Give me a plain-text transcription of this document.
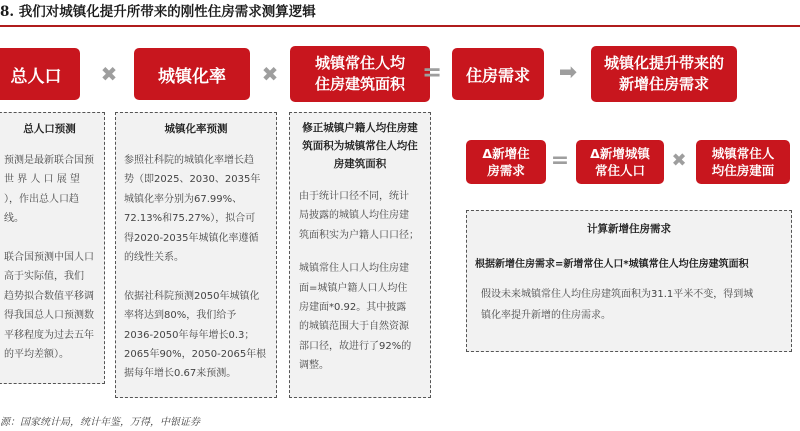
8. 我们对城镇化提升所带来的刚性住房需求测算逻辑
总人口	✖	城镇化率	✖	城镇常住人均
住房建筑面积 =	住房需求 ➡	城镇化提升带来的
新增住房需求
总人口预测
预测是最新联合国预
世 界 人 口 展 望
），作出总人口趋
线。
联合国预测中国人口
高于实际值，我们
趋势拟合数值平移调
得我国总人口预测数
平移程度为过去五年
的平均差额）。
城镇化率预测
参照社科院的城镇化率增长趋
势（即2025、2030、2035年
城镇化率分别为67.99%、
72.13%和75.27%），拟合可
得2020-2035年城镇化率遵循
的线性关系。
依据社科院预测2050年城镇化
率将达到80%，我们给予
2036-2050年每年增长0.3；
2065年90%，2050-2065年根
据每年增长0.67来预测。
修正城镇户籍人均住房建
筑面积为城镇常住人均住
房建筑面积
由于统计口径不同，统计
局披露的城镇人均住房建
筑面积实为户籍人口口径；
城镇常住人口人均住房建
面=城镇户籍人口人均住
房建面*0.92。其中披露
的城镇范围大于自然资源
部口径，故进行了92%的
调整。
Δ新增住
房需求 =	Δ新增城镇
常住人口	✖	城镇常住人
均住房建面
计算新增住房需求
根据新增住房需求=新增常住人口*城镇常住人均住房建筑面积
假设未来城镇常住人均住房建筑面积为31.1平米不变，得到城
镇化率提升新增的住房需求。
源：国家统计局，统计年鉴，万得，中银证券
